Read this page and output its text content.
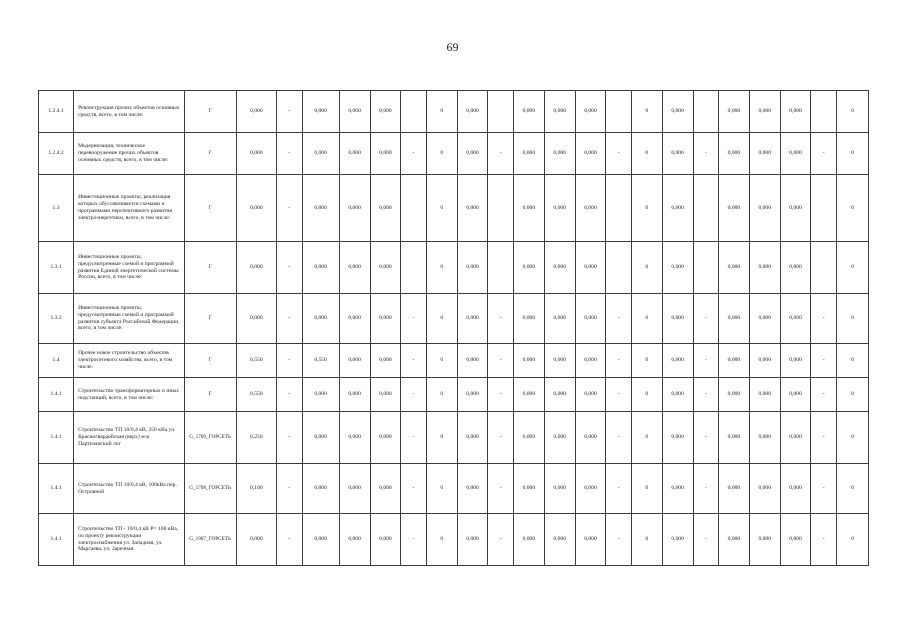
69
1.2.4.1	Реконструкция прочих объектов основных средств, всего, в том числе:	Г	0,000	-	0,000	0,000	0,000		0	0,000		0,000	0,000	0,000		0	0,000		0,000	0,000	0,000		0
1.2.4.2	Модернизация, техническое перевооружение прочих объектов основных средств, всего, в том числе:	Г	0,000	-	0,000	0,000	0,000	-	0	0,000	-	0,000	0,000	0,000	-	0	0,000	-	0,000	0,000	0,000	-	0
1.3	Инвестиционные проекты, реализация которых обуславливается схемами и программами перспективного развития электроэнергетики, всего, в том числе:	Г	0,000	-	0,000	0,000	0,000		0	0,000		0,000	0,000	0,000		0	0,000		0,000	0,000	0,000		0
1.3.1	Инвестиционные проекты, предусмотренные схемой и программой развития Единой энергетической системы России, всего, в том числе:	Г	0,000	-	0,000	0,000	0,000		0	0,000		0,000	0,000	0,000		0	0,000		0,000	0,000	0,000		0
1.3.2	Инвестиционные проекты, предусмотренные схемой и программой развития субъекта Российской Федерации, всего, в том числе:	Г	0,000	-	0,000	0,000	0,000	-	0	0,000	-	0,000	0,000	0,000	-	0	0,000	-	0,000	0,000	0,000	-	0
1.4	Прочее новое строительство объектов электросетевого хозяйства, всего, в том числе:	Г	0,550	-	0,550	0,000	0,000	-	0	0,000	-	0,000	0,000	0,000	-	0	0,000	-	0,000	0,000	0,000	-	0
1.4.1	Строительство трансформаторных и иных подстанций, всего, в том числе:	Г	0,550	-	0,000	0,000	0,000	-	0	0,000	-	0,000	0,000	0,000	-	0	0,000	-	0,000	0,000	0,000	-	0
1.4.1	Строительство ТП 10/0,4 кВ, 250 кВа ул. Красногвардейская (верх) м-р Партизанский лог	G_1709_ГОРСЕТЬ	0,250	-	0,000	0,000	0,000	-	0	0,000	-	0,000	0,000	0,000	-	0	0,000	-	0,000	0,000	0,000	-	0
1.4.1	Строительство ТП 10/0,4 кВ, 100кВа пер. Островной	G_1708_ГОРСЕТЬ	0,100	-	0,000	0,000	0,000	-	0	0,000	-	0,000	0,000	0,000	-	0	0,000	-	0,000	0,000	0,000	-	0
1.4.1	Строительство ТП - 10/0,4 кВ Р= 160 кВа, по проекту реконструкции электроснабжения ул. Западная, ул. Марсаева, ул. Заречная.	G_1907_ГОРСЕТЬ	0,000	-	0,000	0,000	0,000	-	0	0,000	-	0,000	0,000	0,000	-	0	0,000	-	0,000	0,000	0,000	-	0
